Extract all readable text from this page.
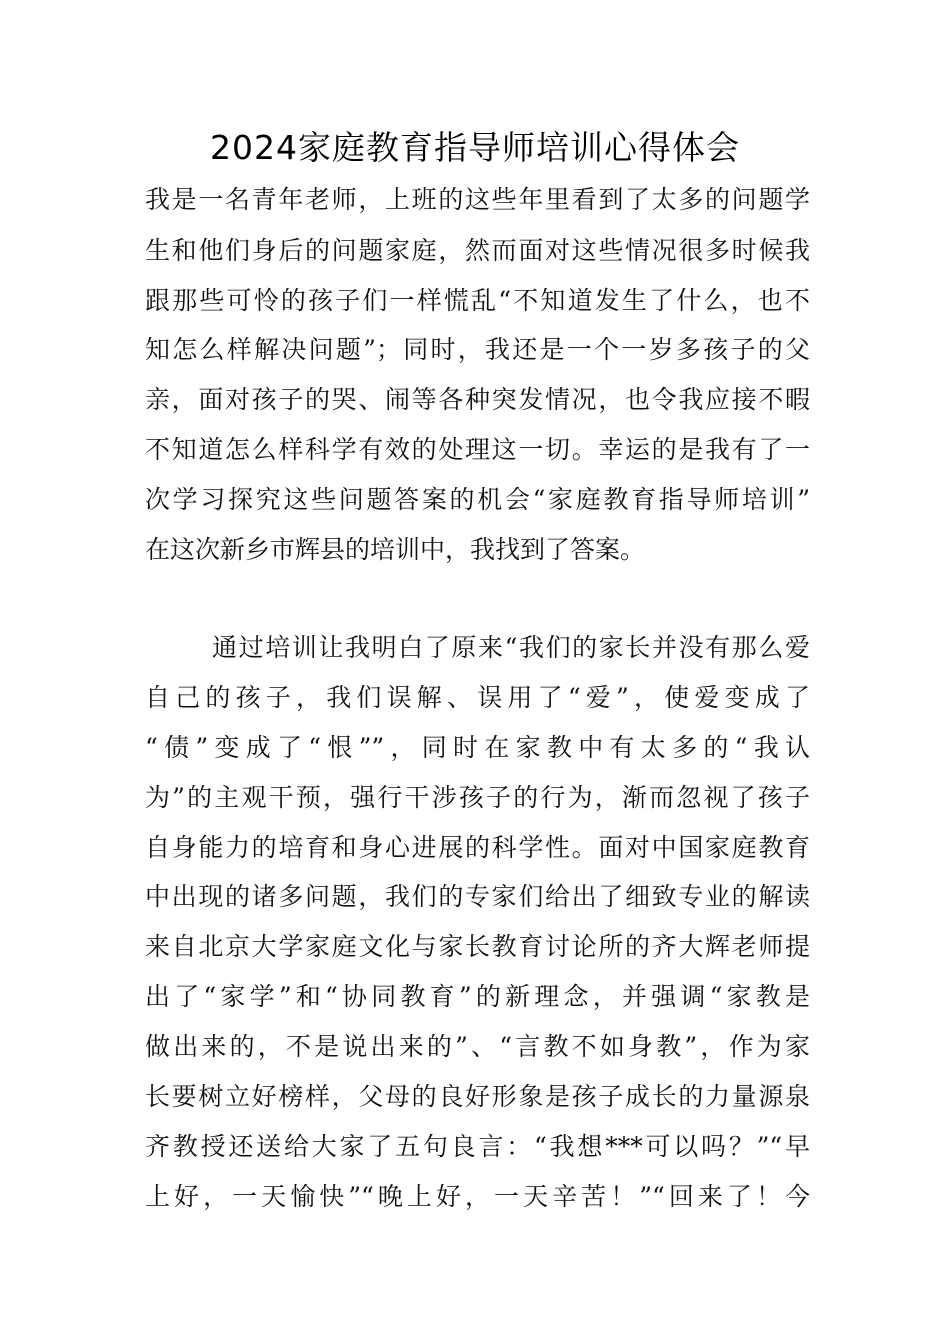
2024家庭教育指导师培训心得体会

我是一名青年老师，上班的这些年里看到了太多的问题学

生和他们身后的问题家庭，然而面对这些情况很多时候我

跟那些可怜的孩子们一样慌乱“不知道发生了什么，也不

知怎么样解决问题”；同时，我还是一个一岁多孩子的父

亲，面对孩子的哭、闹等各种突发情况，也令我应接不暇

不知道怎么样科学有效的处理这一切。幸运的是我有了一

次学习探究这些问题答案的机会“家庭教育指导师培训”

在这次新乡市辉县的培训中，我找到了答案。

通过培训让我明白了原来“我们的家长并没有那么爱

自己的孩子，我们误解、误用了“爱”，使爱变成了

“债”变成了“恨””，同时在家教中有太多的“我认

为”的主观干预，强行干涉孩子的行为，渐而忽视了孩子

自身能力的培育和身心进展的科学性。面对中国家庭教育

中出现的诸多问题，我们的专家们给出了细致专业的解读

来自北京大学家庭文化与家长教育讨论所的齐大辉老师提

出了“家学”和“协同教育”的新理念，并强调“家教是

做出来的，不是说出来的”、“言教不如身教”，作为家

长要树立好榜样，父母的良好形象是孩子成长的力量源泉

齐教授还送给大家了五句良言：“我想***可以吗？”“早

上好，一天愉快”“晚上好，一天辛苦！”“回来了！今
